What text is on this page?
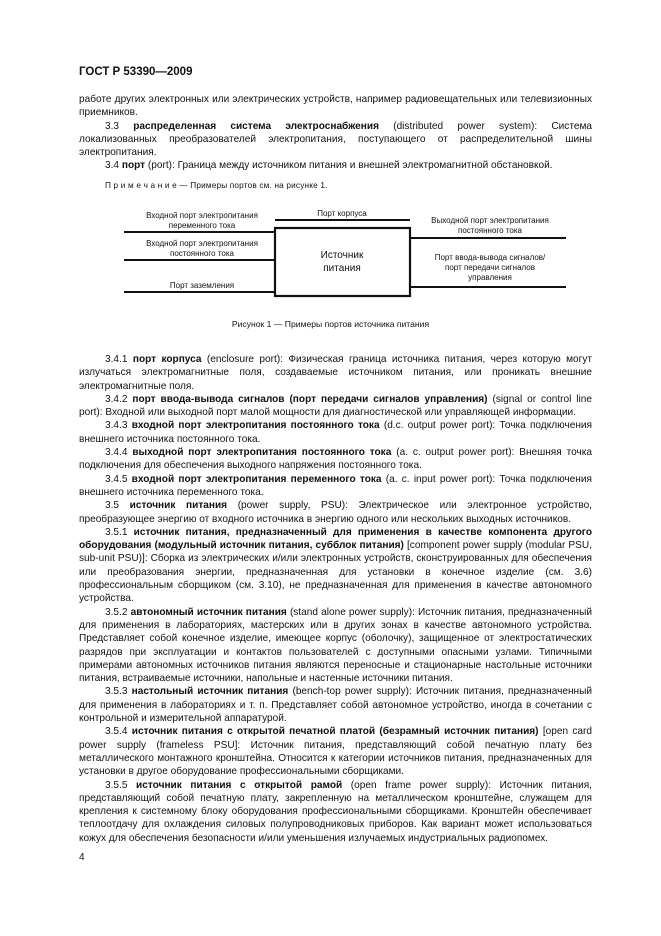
ГОСТ Р 53390—2009

работе других электронных или электрических устройств, например радиовещательных или телевизионных приемников.

3.3 распределенная система электроснабжения (distributed power system): Система локализованных преобразователей электропитания, поступающего от распределительной шины электропитания.

3.4 порт (port): Граница между источником питания и внешней электромагнитной обстановкой.

П р и м е ч а н и е — Примеры портов см. на рисунке 1.

Порт корпуса
Входной порт электропитания
переменного тока
Входной порт электропитания
постоянного тока
Порт заземления
Источник
питания
Выходной порт электропитания
постоянного тока
Порт ввода-вывода сигналов/
порт передачи сигналов
управления
Рисунок 1 — Примеры портов источника питания

3.4.1 порт корпуса (enclosure port): Физическая граница источника питания, через которую могут излучаться электромагнитные поля, создаваемые источником питания, или проникать внешние электромагнитные поля.

3.4.2 порт ввода-вывода сигналов (порт передачи сигналов управления) (signal or control line port): Входной или выходной порт малой мощности для диагностической или управляющей информации.

3.4.3 входной порт электропитания постоянного тока (d.c. output power port): Точка подключения внешнего источника постоянного тока.

3.4.4 выходной порт электропитания постоянного тока (a. c. output power port): Внешняя точка подключения для обеспечения выходного напряжения постоянного тока.

3.4.5 входной порт электропитания переменного тока (a. c. input power port): Точка подключения внешнего источника переменного тока.

3.5 источник питания (power supply, PSU): Электрическое или электронное устройство, преобразующее энергию от входного источника в энергию одного или нескольких выходных источников.

3.5.1 источник питания, предназначенный для применения в качестве компонента другого оборудования (модульный источник питания, субблок питания) [component power supply (modular PSU, sub-unit PSU)]: Сборка из электрических и/или электронных устройств, сконструированных для обеспечения или преобразования энергии, предназначенная для установки в конечное изделие (см. 3.6) профессиональным сборщиком (см. 3.10), не предназначенная для применения в качестве автономного устройства.

3.5.2 автономный источник питания (stand alone power supply): Источник питания, предназначенный для применения в лабораториях, мастерских или в других зонах в качестве автономного устройства. Представляет собой конечное изделие, имеющее корпус (оболочку), защищенное от электростатических разрядов при эксплуатации и контактов пользователей с доступными опасными узлами. Типичными примерами автономных источников питания являются переносные и стационарные настольные источники питания, встраиваемые источники, напольные и настенные источники питания.

3.5.3 настольный источник питания (bench-top power supply): Источник питания, предназначенный для применения в лабораториях и т. п. Представляет собой автономное устройство, иногда в сочетании с контрольной и измерительной аппаратурой.

3.5.4 источник питания с открытой печатной платой (безрамный источник питания) [open card power supply (frameless PSU]: Источник питания, представляющий собой печатную плату без металлического монтажного кронштейна. Относится к категории источников питания, предназначенных для установки в другое оборудование профессиональными сборщиками.

3.5.5 источник питания с открытой рамой (open frame power supply): Источник питания, представляющий собой печатную плату, закрепленную на металлическом кронштейне, служащем для крепления к системному блоку оборудования профессиональными сборщиками. Кронштейн обеспечивает теплоотдачу для охлаждения силовых полупроводниковых приборов. Как вариант может использоваться кожух для обеспечения безопасности и/или уменьшения излучаемых индустриальных радиопомех.

4
